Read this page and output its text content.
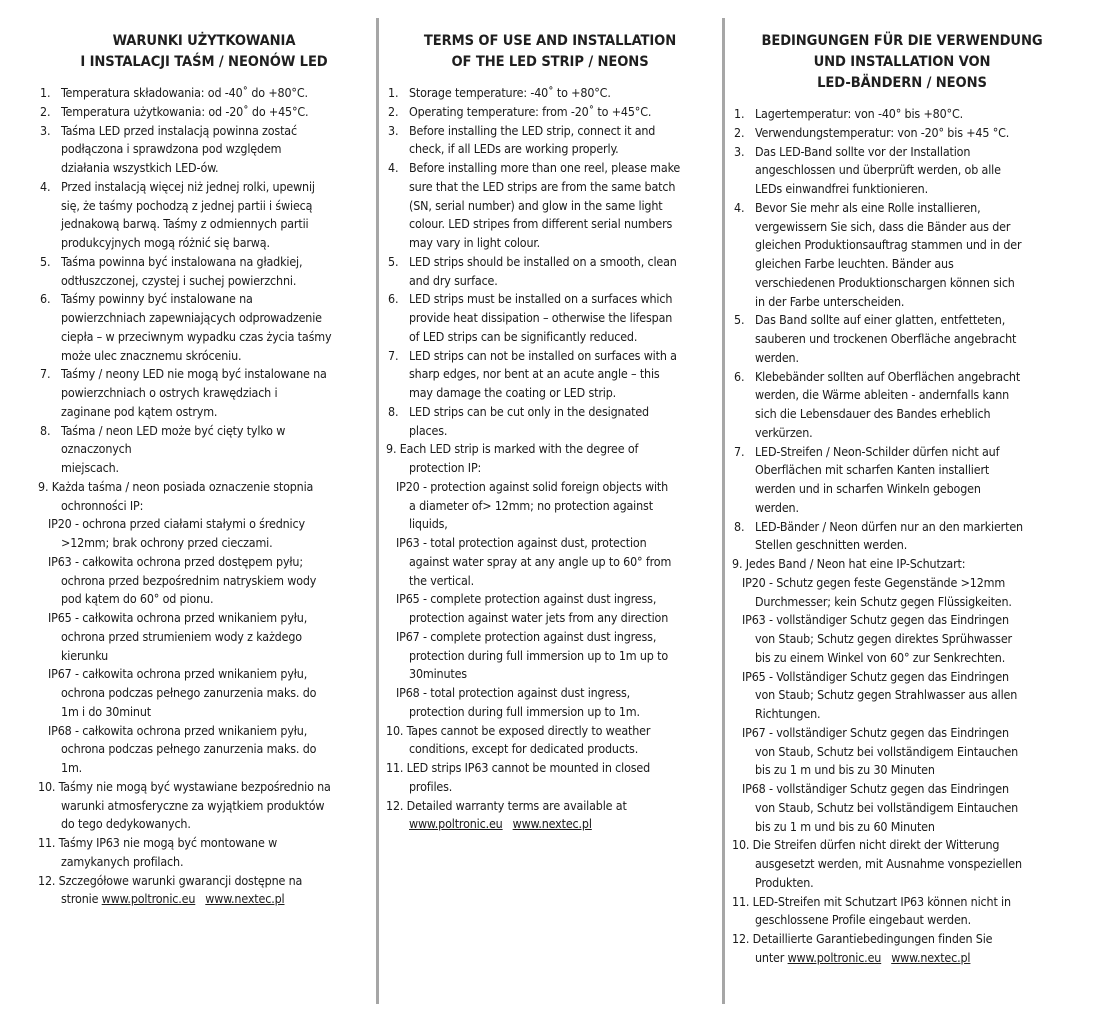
WARUNKI UŻYTKOWANIA
I INSTALACJI TAŚM / NEONÓW LED
1. Temperatura składowania: od -40˚ do +80°C.
2. Temperatura użytkowania: od -20˚ do +45°C.
3. Taśma LED przed instalacją powinna zostać
podłączona i sprawdzona pod względem
działania wszystkich LED-ów.
4. Przed instalacją więcej niż jednej rolki, upewnij
się, że taśmy pochodzą z jednej partii i świecą
jednakową barwą. Taśmy z odmiennych partii
produkcyjnych mogą różnić się barwą.
5. Taśma powinna być instalowana na gładkiej,
odtłuszczonej, czystej i suchej powierzchni.
6. Taśmy powinny być instalowane na
powierzchniach zapewniających odprowadzenie
ciepła – w przeciwnym wypadku czas życia taśmy
może ulec znacznemu skróceniu.
7. Taśmy / neony LED nie mogą być instalowane na
powierzchniach o ostrych krawędziach i
zaginane pod kątem ostrym.
8. Taśma / neon LED może być cięty tylko w
oznaczonych
miejscach.
9. Każda taśma / neon posiada oznaczenie stopnia
ochronności IP:
IP20 - ochrona przed ciałami stałymi o średnicy
>12mm; brak ochrony przed cieczami.
IP63 - całkowita ochrona przed dostępem pyłu;
ochrona przed bezpośrednim natryskiem wody
pod kątem do 60° od pionu.
IP65 - całkowita ochrona przed wnikaniem pyłu,
ochrona przed strumieniem wody z każdego
kierunku
IP67 - całkowita ochrona przed wnikaniem pyłu,
ochrona podczas pełnego zanurzenia maks. do
1m i do 30minut
IP68 - całkowita ochrona przed wnikaniem pyłu,
ochrona podczas pełnego zanurzenia maks. do
1m.
10. Taśmy nie mogą być wystawiane bezpośrednio na
warunki atmosferyczne za wyjątkiem produktów
do tego dedykowanych.
11. Taśmy IP63 nie mogą być montowane w
zamykanych profilach.
12. Szczegółowe warunki gwarancji dostępne na
stronie www.poltronic.eu www.nextec.pl
TERMS OF USE AND INSTALLATION
OF THE LED STRIP / NEONS
1. Storage temperature: -40˚ to +80°C.
2. Operating temperature: from -20˚ to +45°C.
3. Before installing the LED strip, connect it and
check, if all LEDs are working properly.
4. Before installing more than one reel, please make
sure that the LED strips are from the same batch
(SN, serial number) and glow in the same light
colour. LED stripes from different serial numbers
may vary in light colour.
5. LED strips should be installed on a smooth, clean
and dry surface.
6. LED strips must be installed on a surfaces which
provide heat dissipation – otherwise the lifespan
of LED strips can be significantly reduced.
7. LED strips can not be installed on surfaces with a
sharp edges, nor bent at an acute angle – this
may damage the coating or LED strip.
8. LED strips can be cut only in the designated
places.
9. Each LED strip is marked with the degree of
protection IP:
IP20 - protection against solid foreign objects with
a diameter of> 12mm; no protection against
liquids,
IP63 - total protection against dust, protection
against water spray at any angle up to 60° from
the vertical.
IP65 - complete protection against dust ingress,
protection against water jets from any direction
IP67 - complete protection against dust ingress,
protection during full immersion up to 1m up to
30minutes
IP68 - total protection against dust ingress,
protection during full immersion up to 1m.
10. Tapes cannot be exposed directly to weather
conditions, except for dedicated products.
11. LED strips IP63 cannot be mounted in closed
profiles.
12. Detailed warranty terms are available at
www.poltronic.eu www.nextec.pl
BEDINGUNGEN FÜR DIE VERWENDUNG
UND INSTALLATION VON
LED-BÄNDERN / NEONS
1. Lagertemperatur: von -40° bis +80°C.
2. Verwendungstemperatur: von -20° bis +45 °C.
3. Das LED-Band sollte vor der Installation
angeschlossen und überprüft werden, ob alle
LEDs einwandfrei funktionieren.
4. Bevor Sie mehr als eine Rolle installieren,
vergewissern Sie sich, dass die Bänder aus der
gleichen Produktionsauftrag stammen und in der
gleichen Farbe leuchten. Bänder aus
verschiedenen Produktionschargen können sich
in der Farbe unterscheiden.
5. Das Band sollte auf einer glatten, entfetteten,
sauberen und trockenen Oberfläche angebracht
werden.
6. Klebebänder sollten auf Oberflächen angebracht
werden, die Wärme ableiten - andernfalls kann
sich die Lebensdauer des Bandes erheblich
verkürzen.
7. LED-Streifen / Neon-Schilder dürfen nicht auf
Oberflächen mit scharfen Kanten installiert
werden und in scharfen Winkeln gebogen
werden.
8. LED-Bänder / Neon dürfen nur an den markierten
Stellen geschnitten werden.
9. Jedes Band / Neon hat eine IP-Schutzart:
IP20 - Schutz gegen feste Gegenstände >12mm
Durchmesser; kein Schutz gegen Flüssigkeiten.
IP63 - vollständiger Schutz gegen das Eindringen
von Staub; Schutz gegen direktes Sprühwasser
bis zu einem Winkel von 60° zur Senkrechten.
IP65 - Vollständiger Schutz gegen das Eindringen
von Staub; Schutz gegen Strahlwasser aus allen
Richtungen.
IP67 - vollständiger Schutz gegen das Eindringen
von Staub, Schutz bei vollständigem Eintauchen
bis zu 1 m und bis zu 30 Minuten
IP68 - vollständiger Schutz gegen das Eindringen
von Staub, Schutz bei vollständigem Eintauchen
bis zu 1 m und bis zu 60 Minuten
10. Die Streifen dürfen nicht direkt der Witterung
ausgesetzt werden, mit Ausnahme vonspeziellen
Produkten.
11. LED-Streifen mit Schutzart IP63 können nicht in
geschlossene Profile eingebaut werden.
12. Detaillierte Garantiebedingungen finden Sie
unter www.poltronic.eu www.nextec.pl
